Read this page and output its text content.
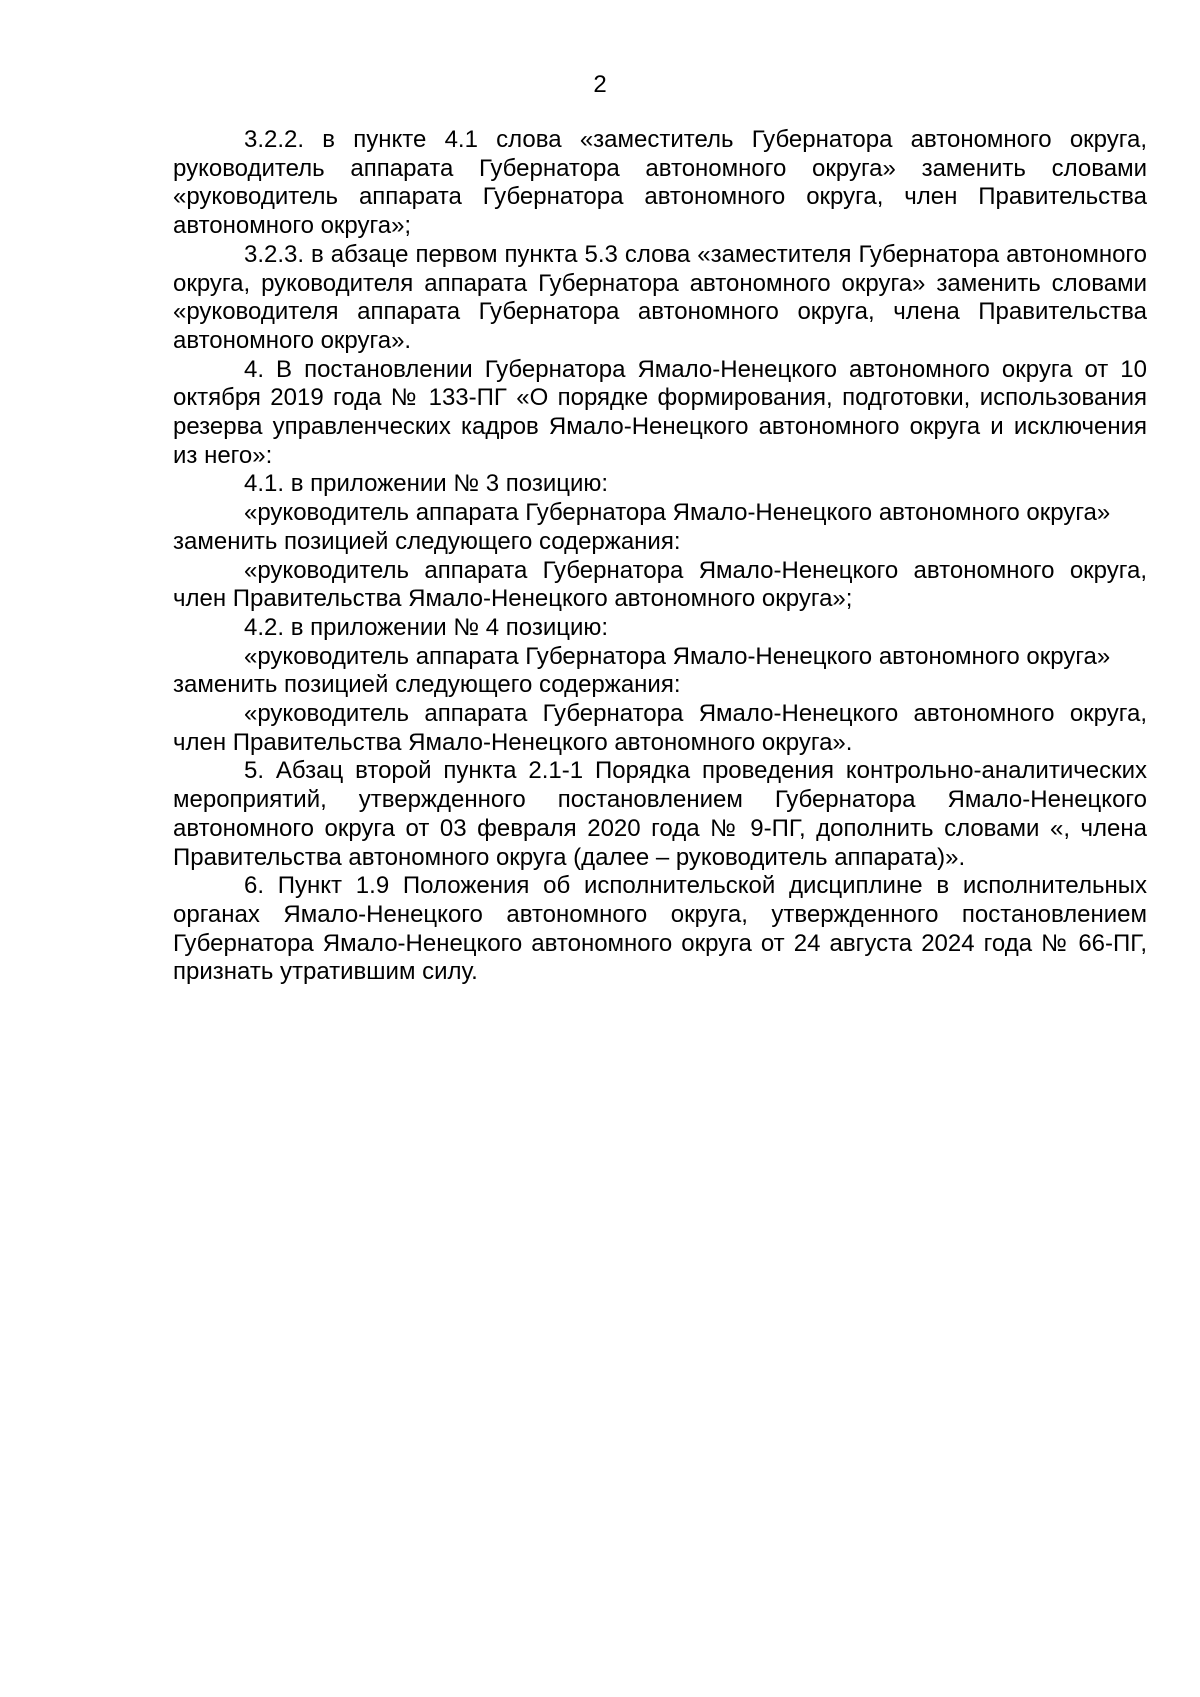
2

3.2.2. в пункте 4.1 слова «заместитель Губернатора автономного округа, руководитель аппарата Губернатора автономного округа» заменить словами «руководитель аппарата Губернатора автономного округа, член Правительства автономного округа»;

3.2.3. в абзаце первом пункта 5.3 слова «заместителя Губернатора автономного округа, руководителя аппарата Губернатора автономного округа» заменить словами «руководителя аппарата Губернатора автономного округа, члена Правительства автономного округа».

4. В постановлении Губернатора Ямало-Ненецкого автономного округа от 10 октября 2019 года № 133-ПГ «О порядке формирования, подготовки, использования резерва управленческих кадров Ямало-Ненецкого автономного округа и исключения из него»:

4.1. в приложении № 3 позицию:

«руководитель аппарата Губернатора Ямало-Ненецкого автономного округа»

заменить позицией следующего содержания:

«руководитель аппарата Губернатора Ямало-Ненецкого автономного округа, член Правительства Ямало-Ненецкого автономного округа»;

4.2. в приложении № 4 позицию:

«руководитель аппарата Губернатора Ямало-Ненецкого автономного округа»

заменить позицией следующего содержания:

«руководитель аппарата Губернатора Ямало-Ненецкого автономного округа, член Правительства Ямало-Ненецкого автономного округа».

5. Абзац второй пункта 2.1-1 Порядка проведения контрольно-аналитических мероприятий, утвержденного постановлением Губернатора Ямало-Ненецкого автономного округа от 03 февраля 2020 года № 9-ПГ, дополнить словами «, члена Правительства автономного округа (далее – руководитель аппарата)».

6. Пункт 1.9 Положения об исполнительской дисциплине в исполнительных органах Ямало-Ненецкого автономного округа, утвержденного постановлением Губернатора Ямало-Ненецкого автономного округа от 24 августа 2024 года № 66-ПГ, признать утратившим силу.
